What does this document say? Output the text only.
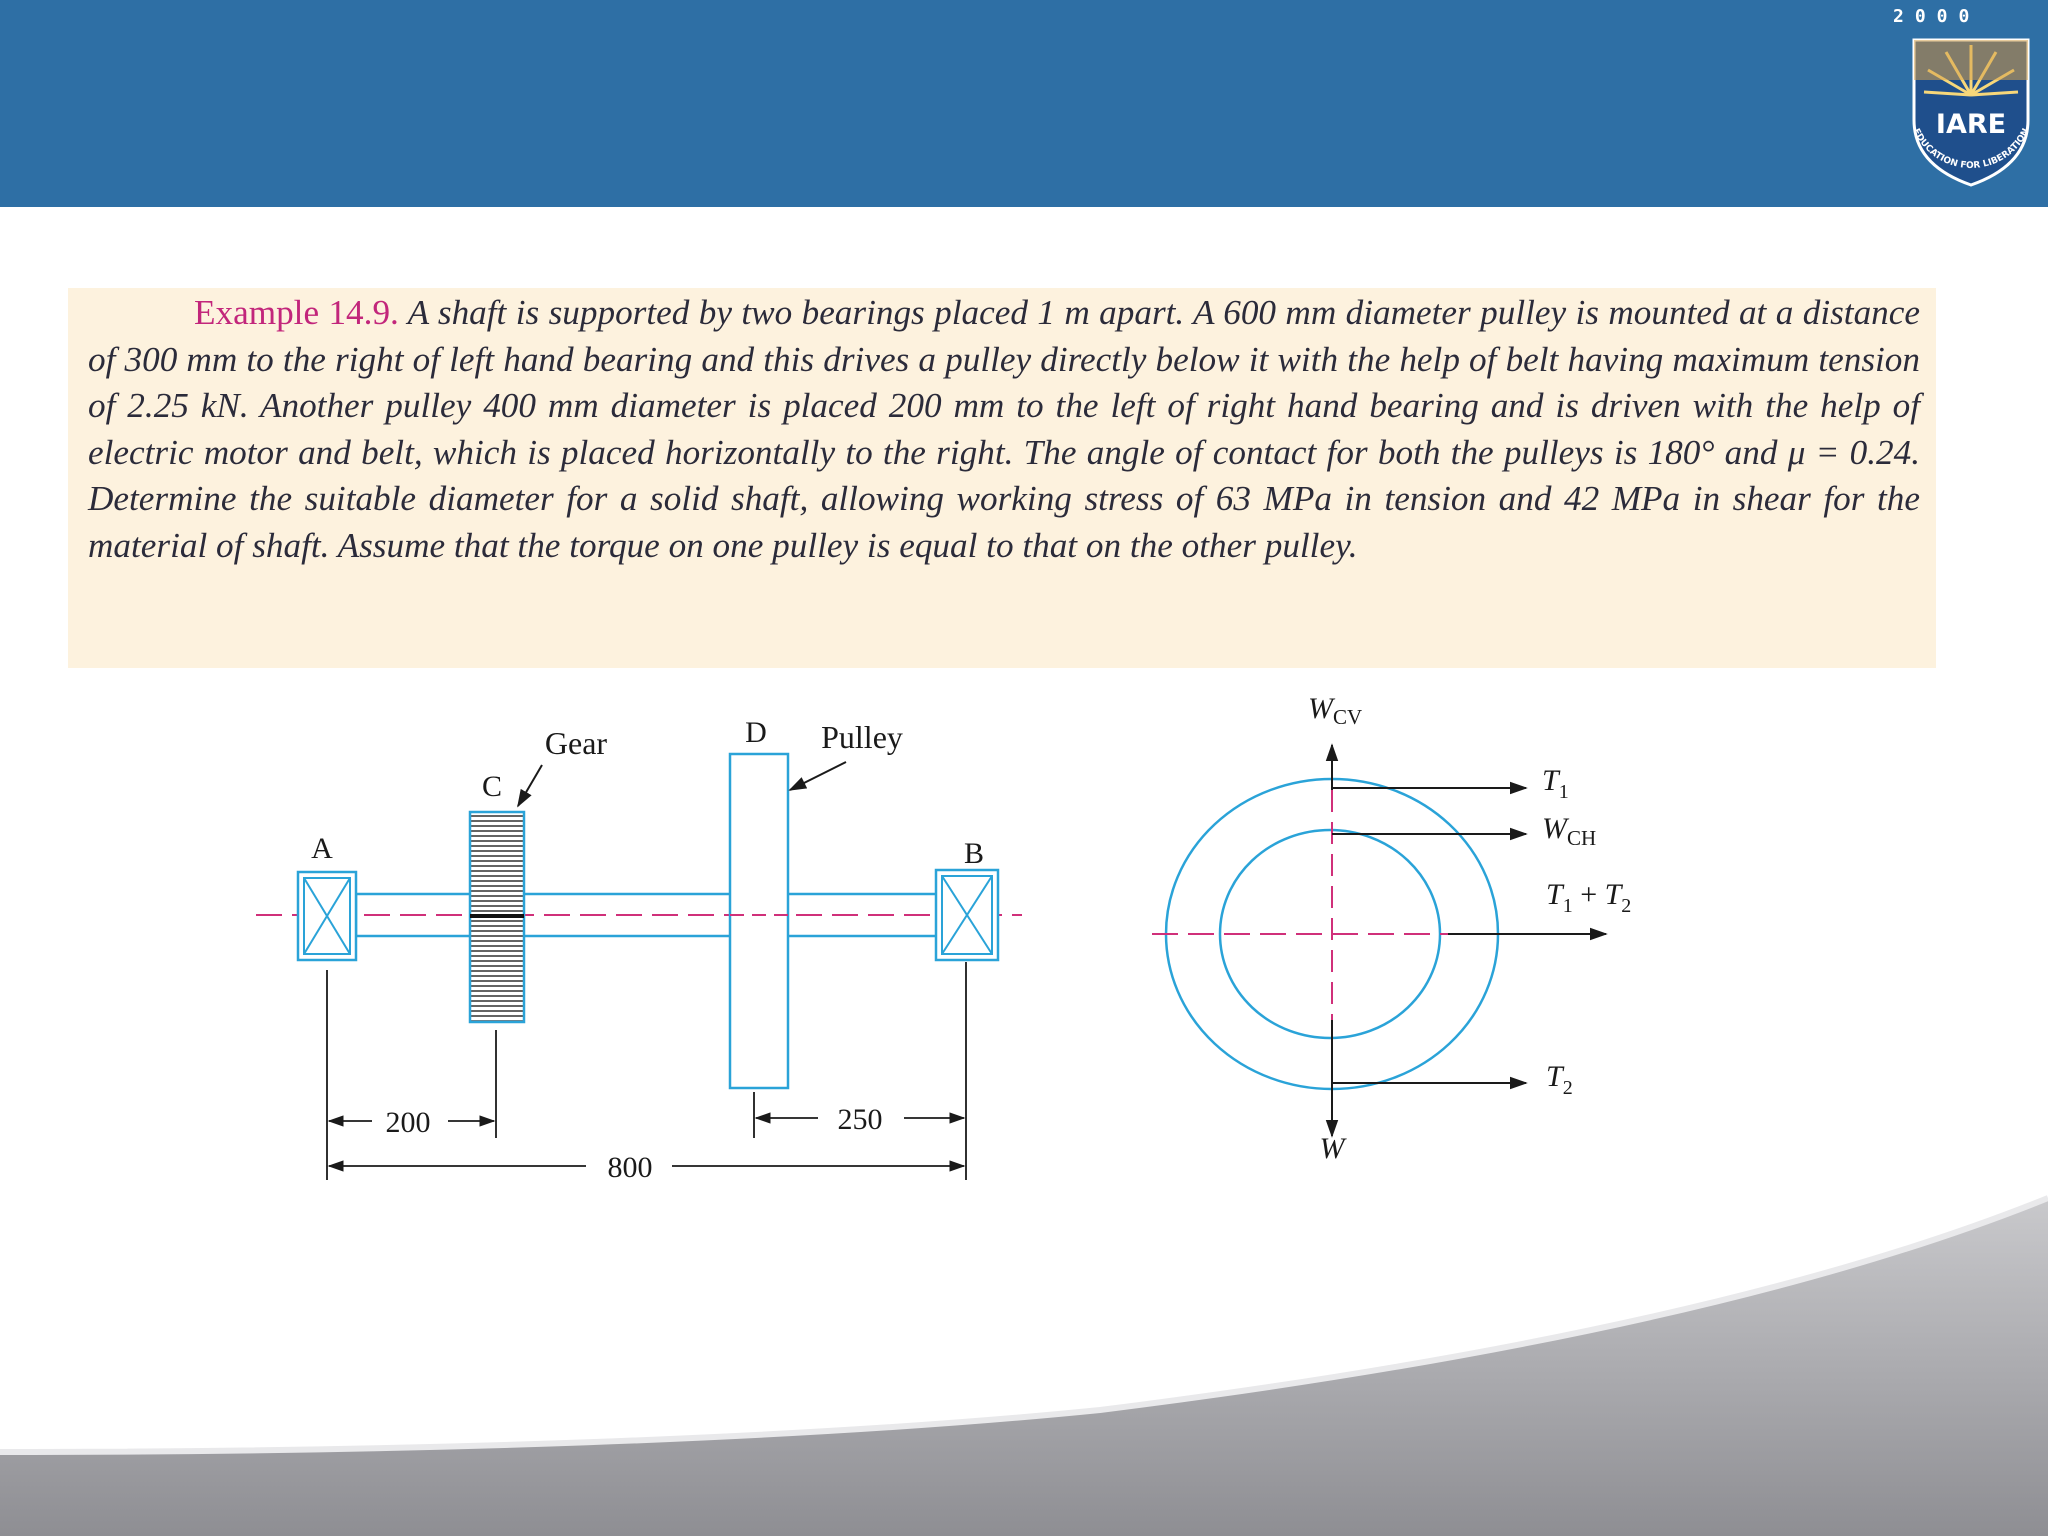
2000
IARE
EDUCATION FOR LIBERATION
Example 14.9. A shaft is supported by two bearings placed 1 m apart. A 600 mm diameter pulley is mounted at a distance of 300 mm to the right of left hand bearing and this drives a pulley directly below it with the help of belt having maximum tension of 2.25 kN. Another pulley 400 mm diameter is placed 200 mm to the left of right hand bearing and is driven with the help of electric motor and belt, which is placed horizontally to the right. The angle of contact for both the pulleys is 180° and μ = 0.24. Determine the suitable diameter for a solid shaft, allowing working stress of 63 MPa in tension and 42 MPa in shear for the material of shaft. Assume that the torque on one pulley is equal to that on the other pulley.
A	B
C
D
Gear	Pulley
200	250
800
$W_{CV}$
$T_1$
$W_{CH}$
$T_1 + T_2$
$T_2$
W
